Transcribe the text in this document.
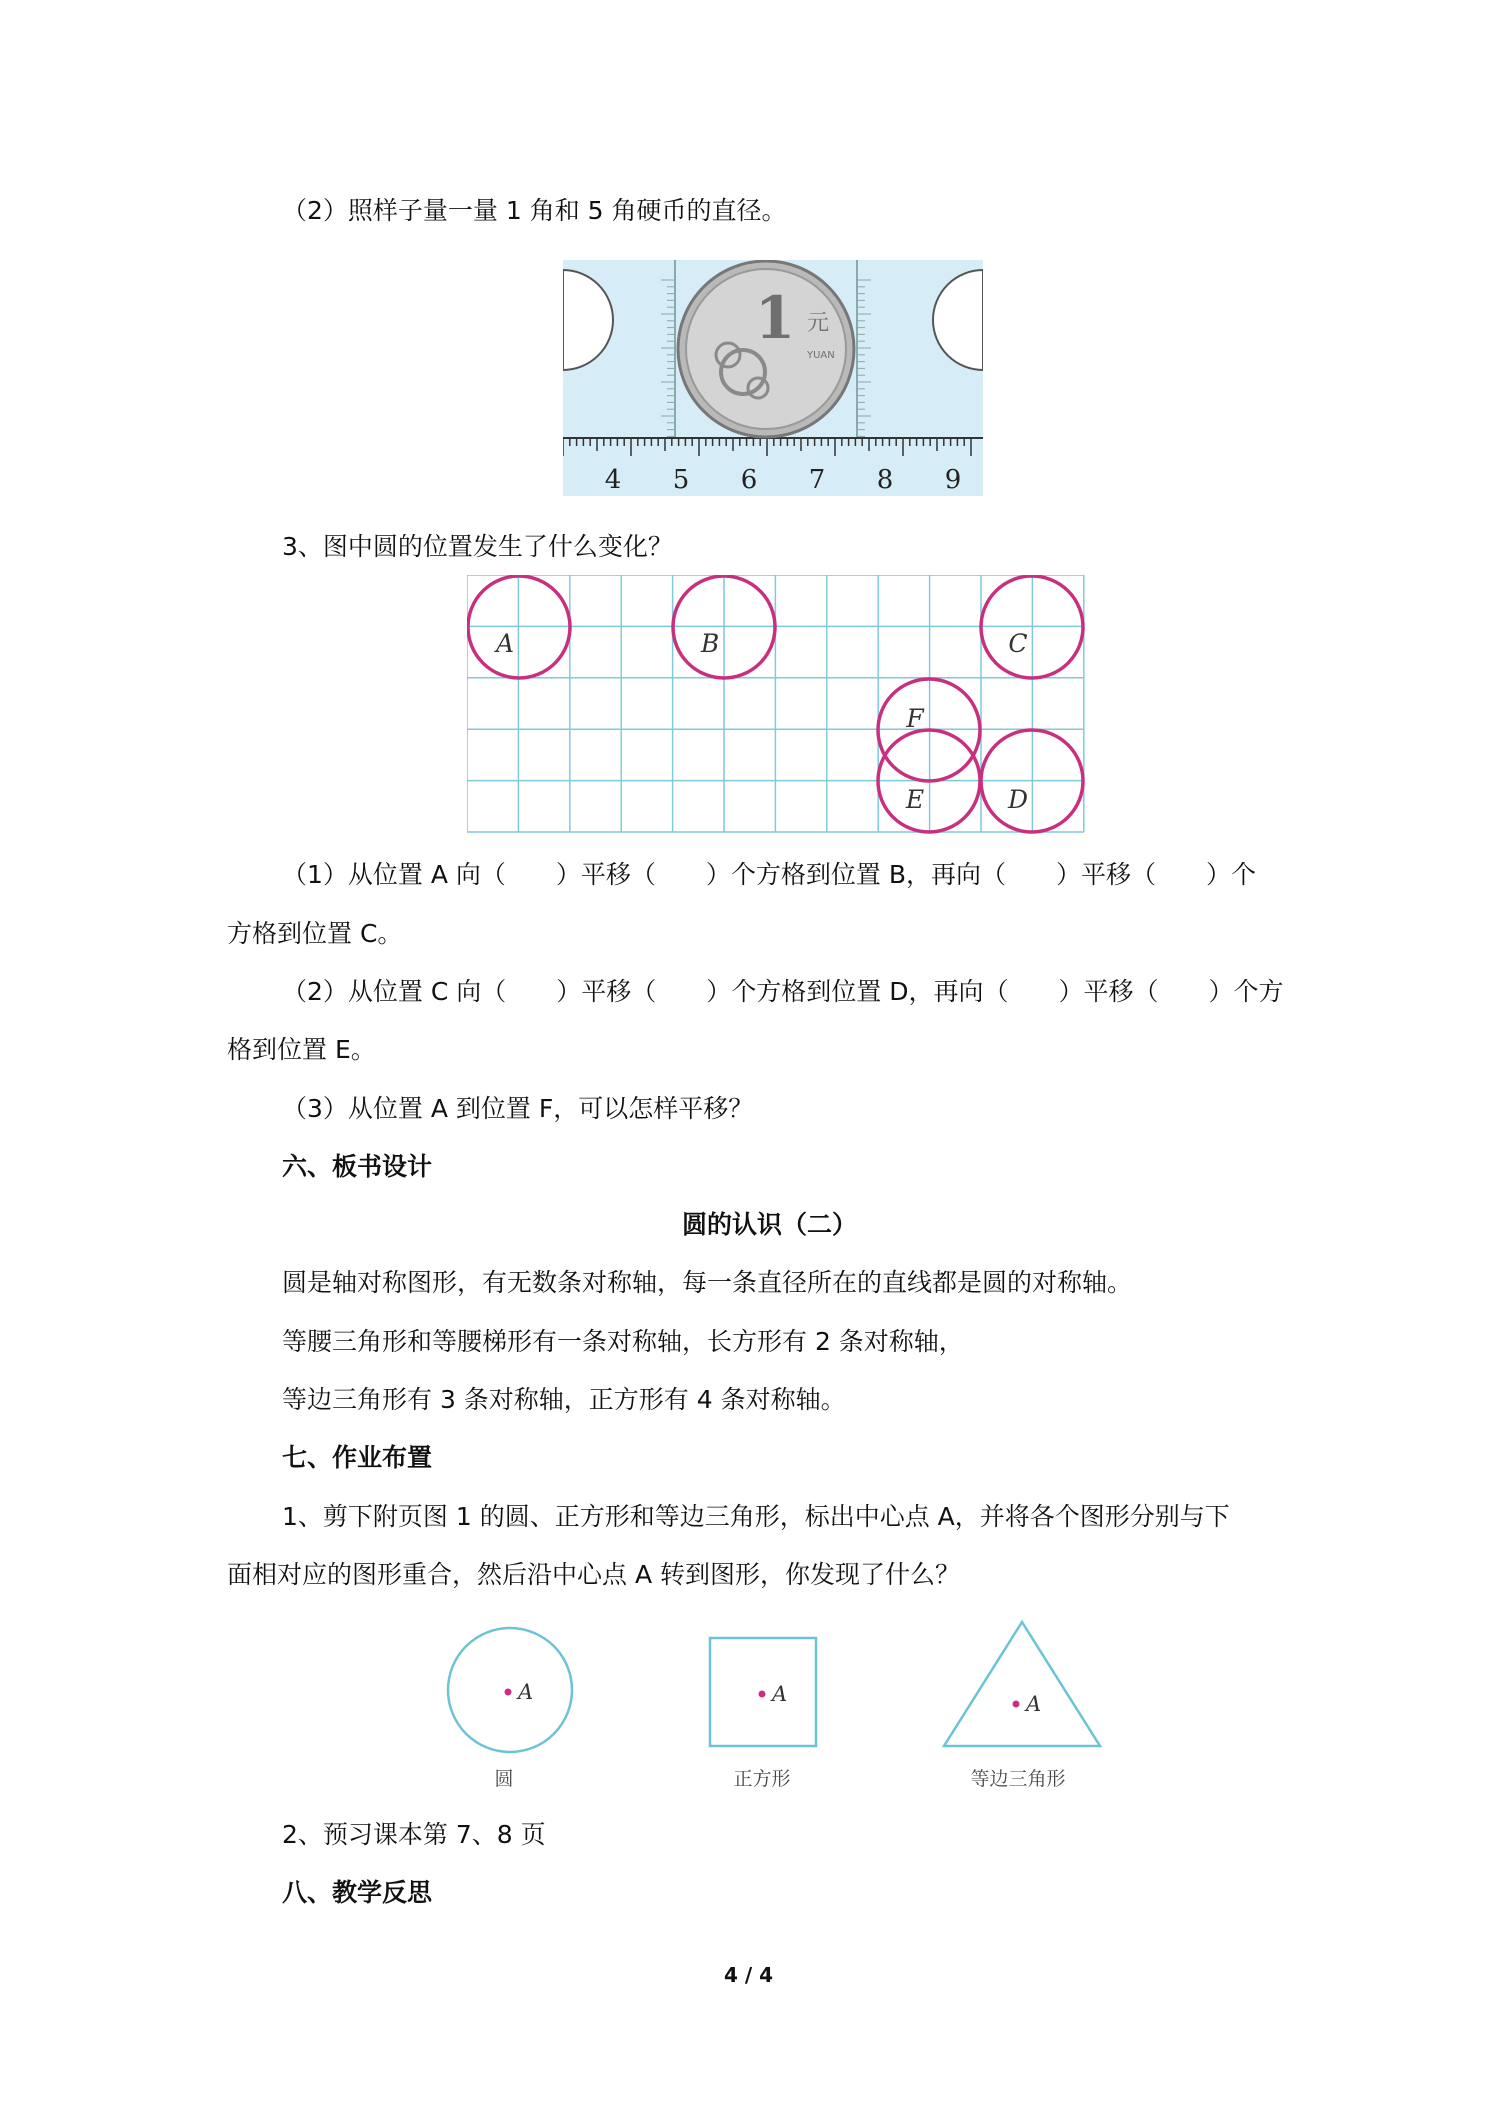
（2）照样子量一量 1 角和 5 角硬币的直径。
4 5 6 7 8 9
1 元
YUAN
3、图中圆的位置发生了什么变化？
A	B	C
D
E
F
（1）从位置 A 向（　　）平移（　　）个方格到位置 B，再向（　　）平移（　　）个
方格到位置 C。
（2）从位置 C 向（　　）平移（　　）个方格到位置 D，再向（　　）平移（　　）个方
格到位置 E。
（3）从位置 A 到位置 F，可以怎样平移？
六、板书设计
圆的认识（二）
圆是轴对称图形，有无数条对称轴，每一条直径所在的直线都是圆的对称轴。
等腰三角形和等腰梯形有一条对称轴，长方形有 2 条对称轴，
等边三角形有 3 条对称轴，正方形有 4 条对称轴。
七、作业布置
1、剪下附页图 1 的圆、正方形和等边三角形，标出中心点 A，并将各个图形分别与下
面相对应的图形重合，然后沿中心点 A 转到图形，你发现了什么？
A	A	A
圆	正方形	等边三角形
2、预习课本第 7、8 页
八、教学反思
4 / 4
